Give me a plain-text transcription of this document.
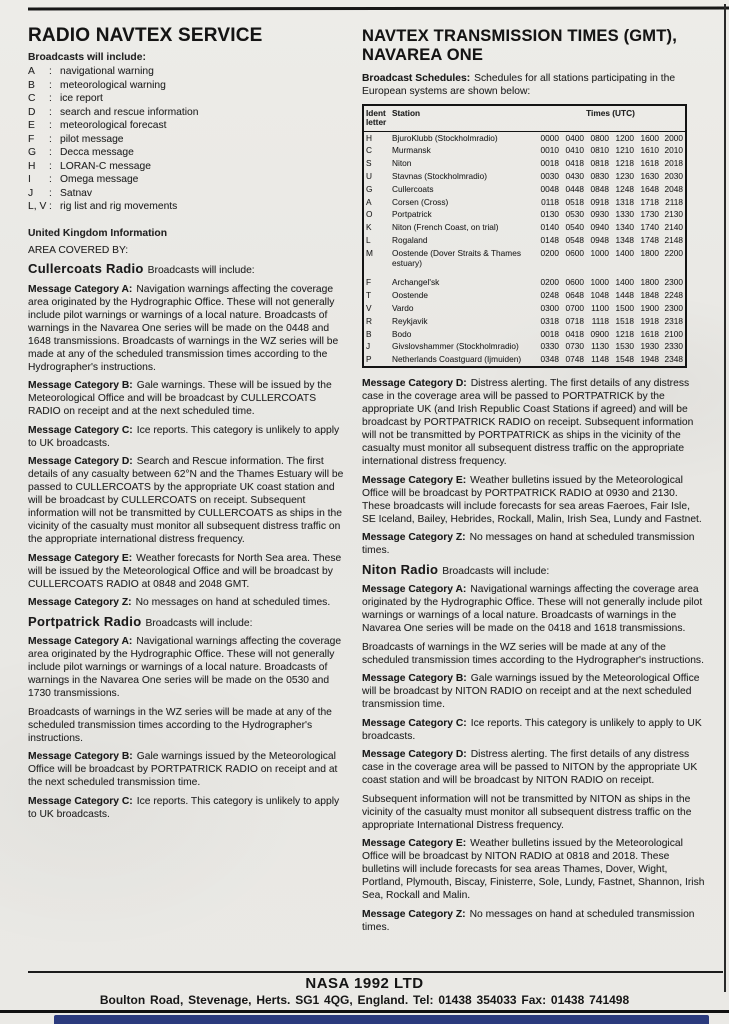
RADIO NAVTEX SERVICE
Broadcasts will include:
A	: navigational warning
B	: meteorological warning
C	: ice report
D	: search and rescue information
E	: meteorological forecast
F	: pilot message
G	: Decca message
H	: LORAN-C message
I	: Omega message
J	: Satnav
L, V : rig list and rig movements
United Kingdom Information
AREA COVERED BY:

Cullercoats Radio Broadcasts will include:

Message Category A: Navigation warnings affecting the coverage area originated by the Hydrographic Office. These will not generally include pilot warnings or warnings of a local nature. Broadcasts of warnings in the Navarea One series will be made on the 0448 and 1648 transmissions. Broadcasts of warnings in the WZ series will be made at any of the scheduled transmission times according to the Hydrographer's instructions.

Message Category B: Gale warnings. These will be issued by the Meteorological Office and will be broadcast by CULLERCOATS RADIO on receipt and at the next scheduled time.

Message Category C: Ice reports. This category is unlikely to apply to UK broadcasts.

Message Category D: Search and Rescue information. The first details of any casualty between 62°N and the Thames Estuary will be passed to CULLERCOATS by the appropriate UK coast station and will be broadcast by CULLERCOATS on receipt. Subsequent information will not be transmitted by CULLERCOATS as ships in the vicinity of the casualty must monitor all subsequent distress traffic on the appropriate international distress frequency.

Message Category E: Weather forecasts for North Sea area. These will be issued by the Meteorological Office and will be broadcast by CULLERCOATS RADIO at 0848 and 2048 GMT.

Message Category Z: No messages on hand at scheduled times.

Portpatrick Radio Broadcasts will include:

Message Category A: Navigational warnings affecting the coverage area originated by the Hydrographic Office. These will not generally include pilot warnings or warnings of a local nature. Broadcasts of warnings in the Navarea One series will be made on the 0530 and 1730 transmissions.

Broadcasts of warnings in the WZ series will be made at any of the scheduled transmission times according to the Hydrographer's instructions.

Message Category B: Gale warnings issued by the Meteorological Office will be broadcast by PORTPATRICK RADIO on receipt and at the next scheduled transmission time.

Message Category C: Ice reports. This category is unlikely to apply to UK broadcasts.

NAVTEX TRANSMISSION TIMES (GMT),
NAVAREA ONE

Broadcast Schedules: Schedules for all stations participating in the European systems are shown below:

Ident letter	Station	Times (UTC)					
H	BjuroKlubb (Stockholmradio)	0000	0400	0800	1200	1600	2000
C	Murmansk	0010	0410	0810	1210	1610	2010
S	Niton	0018	0418	0818	1218	1618	2018
U	Stavnas (Stockholmradio)	0030	0430	0830	1230	1630	2030
G	Cullercoats	0048	0448	0848	1248	1648	2048
A	Corsen (Cross)	0118	0518	0918	1318	1718	2118
O	Portpatrick	0130	0530	0930	1330	1730	2130
K	Niton (French Coast, on trial)	0140	0540	0940	1340	1740	2140
L	Rogaland	0148	0548	0948	1348	1748	2148
M	Oostende (Dover Straits & Thames estuary)	0200	0600	1000	1400	1800	2200

F	Archangel'sk	0200	0600	1000	1400	1800	2300
T	Oostende	0248	0648	1048	1448	1848	2248
V	Vardo	0300	0700	1100	1500	1900	2300
R	Reykjavik	0318	0718	1118	1518	1918	2318
B	Bodo	0018	0418	0900	1218	1618	2100
J	Givslovshammer (Stockholmradio)	0330	0730	1130	1530	1930	2330
P	Netherlands Coastguard (Ijmuiden)	0348	0748	1148	1548	1948	2348

Message Category D: Distress alerting. The first details of any distress case in the coverage area will be passed to PORTPATRICK by the appropriate UK (and Irish Republic Coast Stations if agreed) and will be broadcast by PORTPATRICK RADIO on receipt. Subsequent information will not be transmitted by PORTPATRICK as ships in the vicinity of the casualty must monitor all subsequent distress traffic on the appropriate international distress frequency.

Message Category E: Weather bulletins issued by the Meteorological Office will be broadcast by PORTPATRICK RADIO at 0930 and 2130. These broadcasts will include forecasts for sea areas Faeroes, Fair Isle, SE Iceland, Bailey, Hebrides, Rockall, Malin, Irish Sea, Lundy and Fastnet.

Message Category Z: No messages on hand at scheduled transmission times.

Niton Radio Broadcasts will include:

Message Category A: Navigational warnings affecting the coverage area originated by the Hydrographic Office. These will not generally include pilot warnings or warnings of a local nature. Broadcasts of warnings in the Navarea One series will be made on the 0418 and 1618 transmissions.

Broadcasts of warnings in the WZ series will be made at any of the scheduled transmission times according to the Hydrographer's instructions.

Message Category B: Gale warnings issued by the Meteorological Office will be broadcast by NITON RADIO on receipt and at the next scheduled transmission time.

Message Category C: Ice reports. This category is unlikely to apply to UK broadcasts.

Message Category D: Distress alerting. The first details of any distress case in the coverage area will be passed to NITON by the appropriate UK coast station and will be broadcast by NITON RADIO on receipt.

Subsequent information will not be transmitted by NITON as ships in the vicinity of the casualty must monitor all subsequent distress traffic on the appropriate International Distress frequency.

Message Category E: Weather bulletins issued by the Meteorological Office will be broadcast by NITON RADIO at 0818 and 2018. These bulletins will include forecasts for sea areas Thames, Dover, Wight, Portland, Plymouth, Biscay, Finisterre, Sole, Lundy, Fastnet, Shannon, Irish Sea, Rockall and Malin.

Message Category Z: No messages on hand at scheduled transmission times.

NASA 1992 LTD
Boulton Road, Stevenage, Herts. SG1 4QG, England. Tel: 01438 354033 Fax: 01438 741498
